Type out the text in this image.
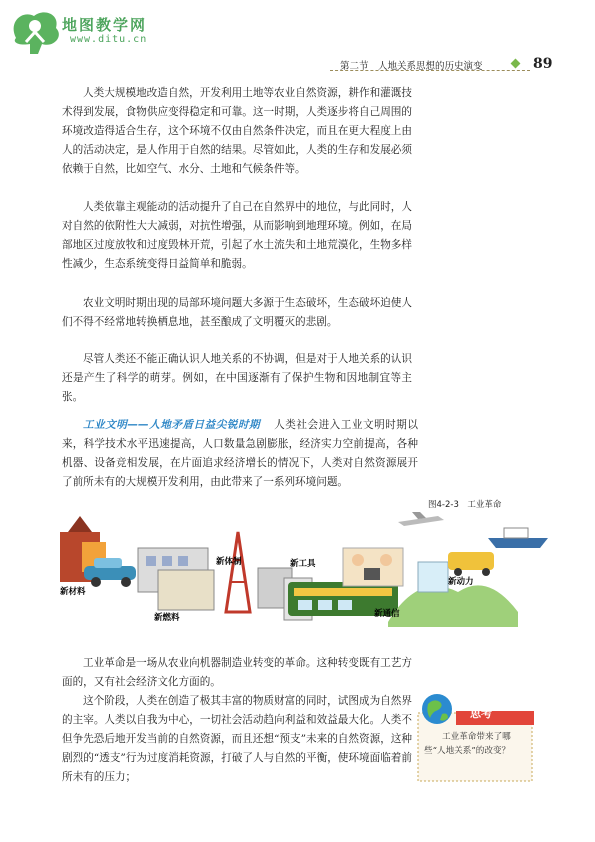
地图教学网
www.ditu.cn
第二节　人地关系思想的历史演变	89

人类大规模地改造自然，开发利用土地等农业自然资源，耕作和灌溉技术得到发展，食物供应变得稳定和可靠。这一时期，人类逐步将自己周围的环境改造得适合生存，这个环境不仅由自然条件决定，而且在更大程度上由人的活动决定，是人作用于自然的结果。尽管如此，人类的生存和发展必须依赖于自然，比如空气、水分、土地和气候条件等。

人类依靠主观能动的活动提升了自己在自然界中的地位，与此同时，人对自然的依附性大大减弱，对抗性增强，从而影响到地理环境。例如，在局部地区过度放牧和过度毁林开荒，引起了水土流失和土地荒漠化，生物多样性减少，生态系统变得日益简单和脆弱。

农业文明时期出现的局部环境问题大多源于生态破坏，生态破坏迫使人们不得不经常地转换栖息地，甚至酿成了文明覆灭的悲剧。

尽管人类还不能正确认识人地关系的不协调，但是对于人地关系的认识还是产生了科学的萌芽。例如，在中国逐渐有了保护生物和因地制宜等主张。

工业文明——人地矛盾日益尖锐时期 人类社会进入工业文明时期以来，科学技术水平迅速提高，人口数量急剧膨胀，经济实力空前提高，各种机器、设备竞相发展，在片面追求经济增长的情况下，人类对自然资源展开了前所未有的大规模开发利用，由此带来了一系列环境问题。

图4-2-3　工业革命
新材料
新燃料
新体制	新工具
新通信
新动力

工业革命是一场从农业向机器制造业转变的革命。这种转变既有工艺方面的，又有社会经济文化方面的。

这个阶段，人类在创造了极其丰富的物质财富的同时，试图成为自然界的主宰。人类以自我为中心，一切社会活动趋向利益和效益最大化。人类不但争先恐后地开发当前的自然资源，而且还想“预支”未来的自然资源，这种剧烈的“透支”行为过度消耗资源，打破了人与自然的平衡，使环境面临着前所未有的压力；

思考

工业革命带来了哪些“人地关系”的改变？
